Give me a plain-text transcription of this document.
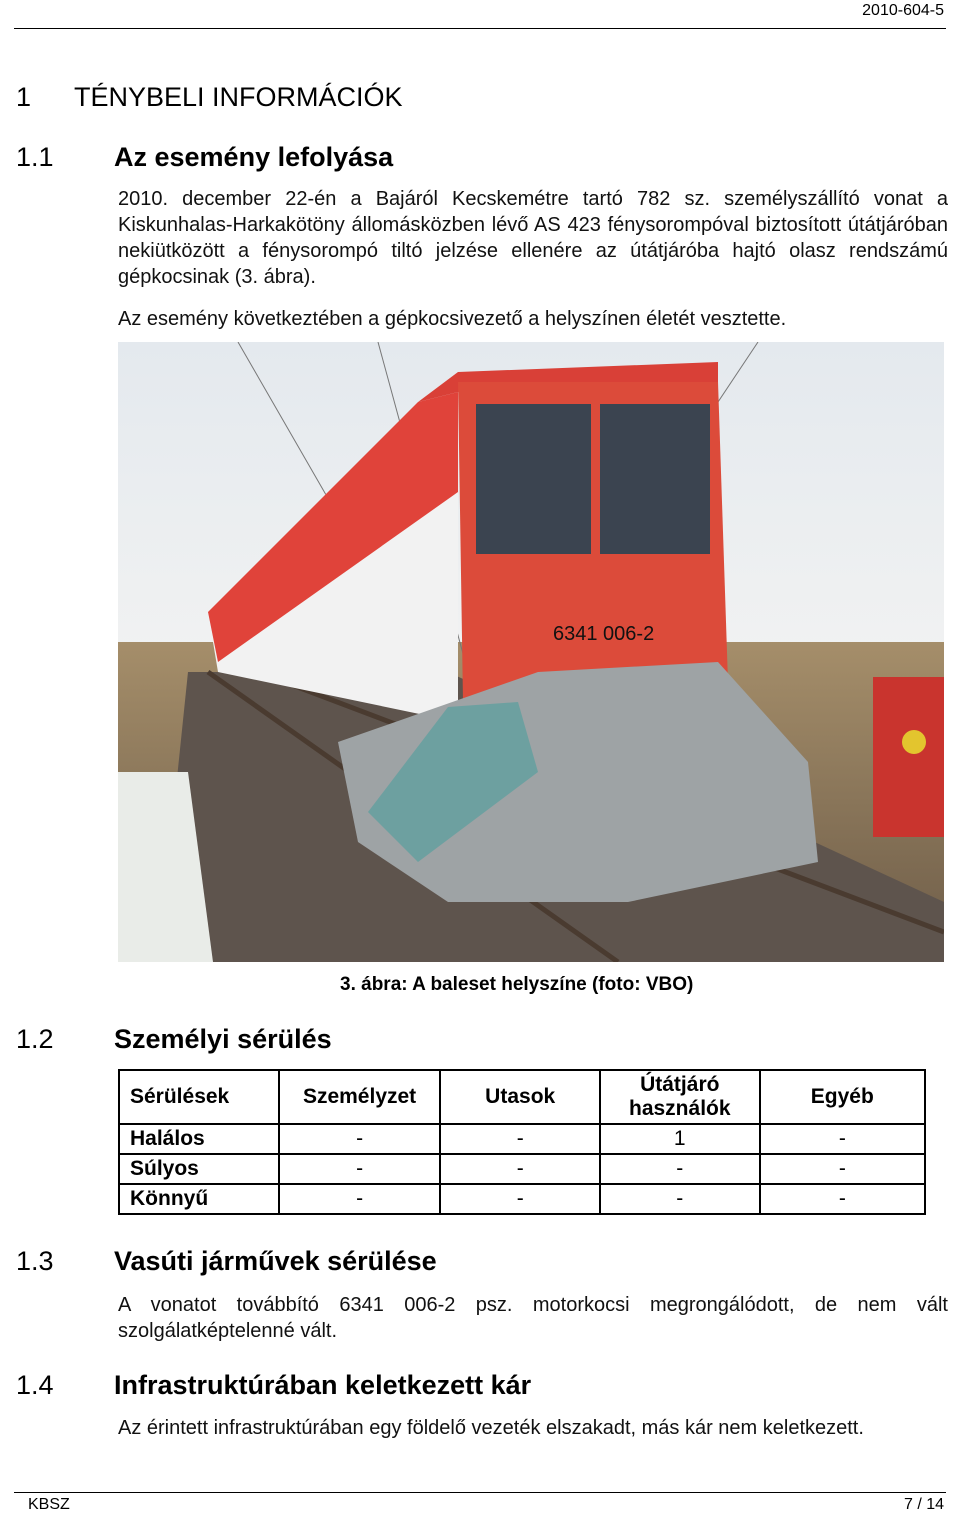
2010-604-5
1 TÉNYBELI INFORMÁCIÓK
1.1 Az esemény lefolyása

2010. december 22-én a Bajáról Kecskemétre tartó 782 sz. személyszállító vonat a Kiskunhalas-Harkakötöny állomásközben lévő AS 423 fénysorompóval biztosított útátjáróban nekiütközött a fénysorompó tiltó jelzése ellenére az útátjáróba hajtó olasz rendszámú gépkocsinak (3. ábra).

Az esemény következtében a gépkocsivezető a helyszínen életét vesztette.

6341 006-2
3. ábra: A baleset helyszíne (foto: VBO)
1.2 Személyi sérülés
Sérülések	Személyzet	Utasok	Útátjáró használók	Egyéb
Halálos	-	-	1	-
Súlyos	-	-	-	-
Könnyű	-	-	-	-
1.3 Vasúti járművek sérülése

A vonatot továbbító 6341 006-2 psz. motorkocsi megrongálódott, de nem vált szolgálatképtelenné vált.

1.4 Infrastruktúrában keletkezett kár

Az érintett infrastruktúrában egy földelő vezeték elszakadt, más kár nem keletkezett.

KBSZ	7 / 14
